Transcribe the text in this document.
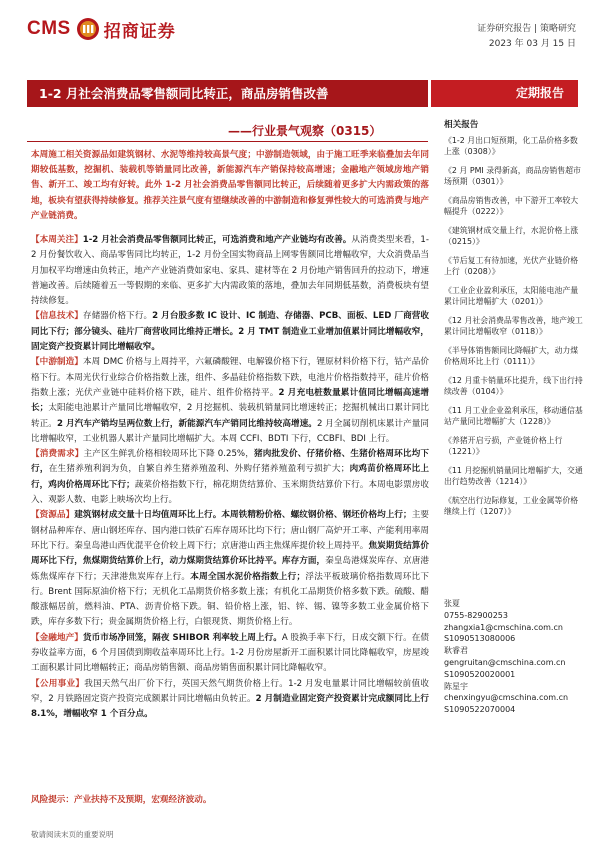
CMS 招商证券	证券研究报告 | 策略研究
2023 年 03 月 15 日
1-2 月社会消费品零售额同比转正，商品房销售改善	定期报告
——行业景气观察（0315）
本周施工相关资源品如建筑钢材、水泥等维持较高景气度；中游制造领域，由于施工旺季来临叠加去年同期较低基数，挖掘机、装载机等销量同比改善，新能源汽车产销保持较高增速；金融地产领域房地产销售、新开工、竣工均有好转。此外 1-2 月社会消费品零售额同比转正，后续随着更多扩大内需政策的落地，板块有望获得持续修复。推荐关注景气度有望继续改善的中游制造和修复弹性较大的可选消费与地产产业链消费。

【本周关注】1-2 月社会消费品零售额同比转正，可选消费和地产产业链均有改善。从消费类型来看，1-2 月份餐饮收入、商品零售同比均转正，1-2 月份全国实物商品上网零售额同比增幅收窄，大众消费品当月加权平均增速由负转正，地产产业链消费如家电、家具、建材等在 2 月份地产销售回升的拉动下，增速普遍改善。后续随着五一等假期的来临、更多扩大内需政策的落地，叠加去年同期低基数，消费板块有望持续修复。

【信息技术】存储器价格下行。2 月台股多数 IC 设计、IC 制造、存储器、PCB、面板、LED 厂商营收同比下行；部分镜头、硅片厂商营收同比维持正增长。2 月 TMT 制造业工业增加值累计同比增幅收窄，固定资产投资累计同比增幅收窄。

【中游制造】本周 DMC 价格与上周持平，六氟磷酸锂、电解镍价格下行，锂原材料价格下行，钴产品价格下行。本周光伏行业综合价格指数上涨，组件、多晶硅价格指数下跌，电池片价格指数持平，硅片价格指数上涨；光伏产业链中硅料价格下跌，硅片、组件价格持平。2 月充电桩数量累计值同比增幅高速增长；太阳能电池累计产量同比增幅收窄，2 月挖掘机、装载机销量同比增速转正；挖掘机械出口累计同比转正。2 月汽车产销均呈两位数上行，新能源汽车产销同比维持较高增速。2 月全属切削机床累计产量同比增幅收窄，工业机器人累计产量同比增幅扩大。本周 CCFI、BDTI 下行，CCBFI、BDI 上行。

【消费需求】主产区生鲜乳价格相较周环比下降 0.25%，猪肉批发价、仔猪价格、生猪价格周环比均下行，在生猪养殖利润为负，自繁自养生猪养殖盈利、外购仔猪养殖盈利亏损扩大；肉鸡苗价格周环比上行，鸡肉价格周环比下行；蔬菜价格指数下行，棉花期货结算价、玉米期货结算价下行。本周电影票房收入、观影人数、电影上映场次均上行。

【资源品】建筑钢材成交量十日均值周环比上行。本周铁精粉价格、螺纹钢价格、钢坯价格均上行；主要钢材品种库存、唐山钢坯库存、国内港口铁矿石库存周环比均下行；唐山钢厂高炉开工率、产能利用率周环比下行。秦皇岛港山西优混平仓价较上周下行；京唐港山西主焦煤库提价较上周持平。焦炭期货结算价周环比下行，焦煤期货结算价上行，动力煤期货结算价环比持平。库存方面，秦皇岛港煤炭库存、京唐港炼焦煤库存下行；天津港焦炭库存上行。本周全国水泥价格指数上行；浮法平板玻璃价格指数周环比下行。Brent 国际原油价格下行；无机化工品期货价格多数上涨；有机化工品期货价格多数下跌。硫酸、醋酸涨幅居前，燃料油、PTA、沥青价格下跌。铜、铅价格上涨，铝、锌、锡、镍等多数工业金属价格下跌，库存多数下行；贵金属期货价格上行，白银现货、期货价格上行。

【金融地产】货币市场净回笼，隔夜 SHIBOR 利率较上周上行。A 股换手率下行，日成交额下行。在债券收益率方面，6 个月国债到期收益率周环比上行。1-2 月份房屋新开工面积累计同比降幅收窄，房屋竣工面积累计同比增幅转正；商品房销售额、商品房销售面积累计同比降幅收窄。

【公用事业】我国天然气出厂价下行，英国天然气期货价格上行。1-2 月发电量累计同比增幅较前值收窄，2 月铁路固定资产投资完成额累计同比增幅由负转正。2 月制造业固定资产投资累计完成额同比上行 8.1%，增幅收窄 1 个百分点。

风险提示：产业扶持不及预期，宏观经济波动。
相关报告
《1-2 月出口短预期，化工品价格多数上涨（0308）》
《2 月 PMI 录得新高，商品房销售超市场预期（0301）》
《商品房销售改善，中下游开工率较大幅提升（0222）》
《建筑钢材成交量上行，水泥价格上涨（0215）》
《节后复工有待加速，光伏产业链价格上行（0208）》
《工业企业盈利承压，太阳能电池产量累计同比增幅扩大（0201）》
《12 月社会消费品零售改善，地产竣工累计同比增幅收窄（0118）》
《半导体销售额同比降幅扩大，动力煤价格周环比上行（0111）》
《12 月重卡销量环比提升，线下出行持续改善（0104）》
《11 月工业企业盈利承压，移动通信基站产量同比增幅扩大（1228）》
《养猪开启亏损，产业链价格上行（1221）》
《11 月挖掘机销量同比增幅扩大，交通出行趋势改善（1214）》
《航空出行边际修复，工业金属等价格继续上行（1207）》
张夏
0755-82900253
zhangxia1@cmschina.com.cn
S1090513080006
耿睿君
gengruitan@cmschina.com.cn
S1090520020001
陈星宇
chenxingyu@cmschina.com.cn
S1090522070004
敬请阅读末页的重要说明
